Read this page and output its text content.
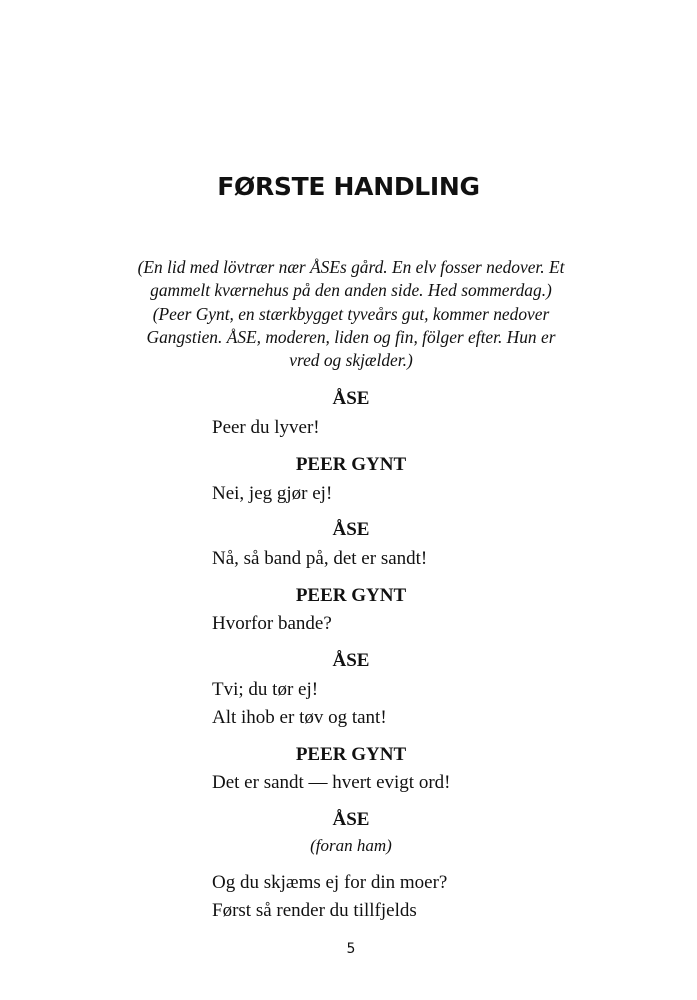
FØRSTE HANDLING
(En lid med lövtrær nær ÅSEs gård. En elv fosser nedover. Et
gammelt kværnehus på den anden side. Hed sommerdag.)
(Peer Gynt, en stærkbygget tyveårs gut, kommer nedover
Gangstien. ÅSE, moderen, liden og fin, fölger efter. Hun er
vred og skjælder.)
ÅSE
Peer du lyver!
PEER GYNT
Nei, jeg gjør ej!
ÅSE
Nå, så band på, det er sandt!
PEER GYNT
Hvorfor bande?
ÅSE
Tvi; du tør ej!
Alt ihob er tøv og tant!
PEER GYNT
Det er sandt — hvert evigt ord!
ÅSE
(foran ham)
Og du skjæms ej for din moer?
Først så render du tillfjelds
5
